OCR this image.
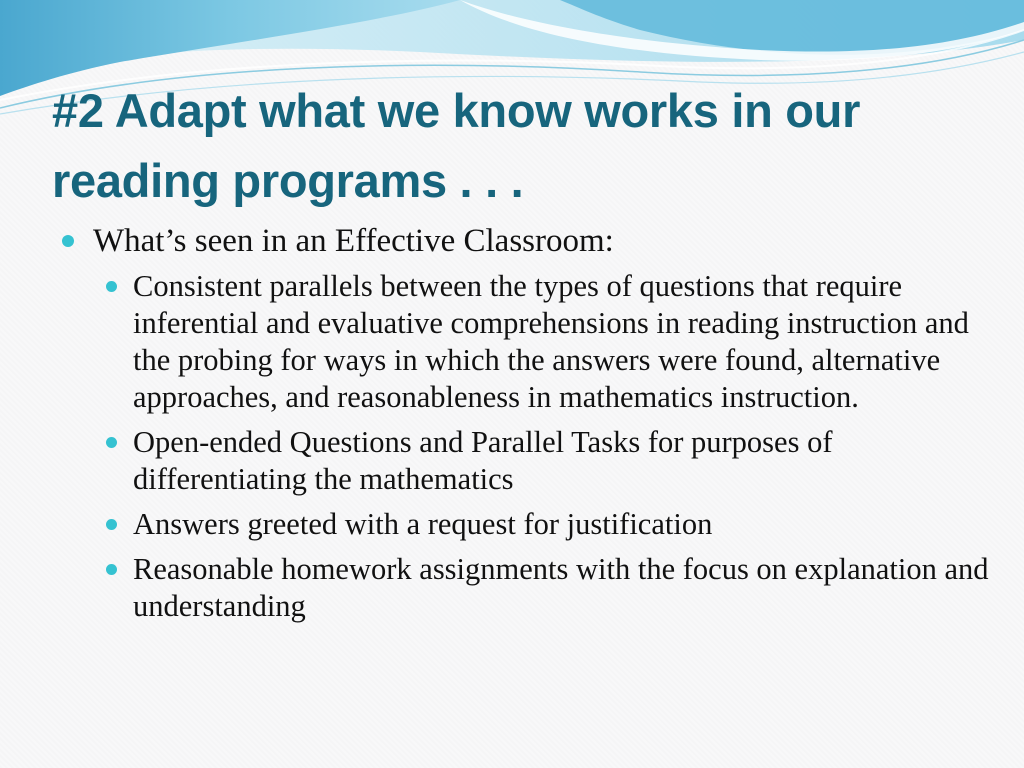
#2 Adapt what we know works in our reading programs . . .
What’s seen in an Effective Classroom:
Consistent parallels between the types of questions that require inferential and evaluative comprehensions in reading instruction and the probing for ways in which the answers were found, alternative approaches, and reasonableness in mathematics instruction.
Open-ended Questions and Parallel Tasks for purposes of differentiating the mathematics
Answers greeted with a request for justification
Reasonable homework assignments with the focus on explanation and understanding
